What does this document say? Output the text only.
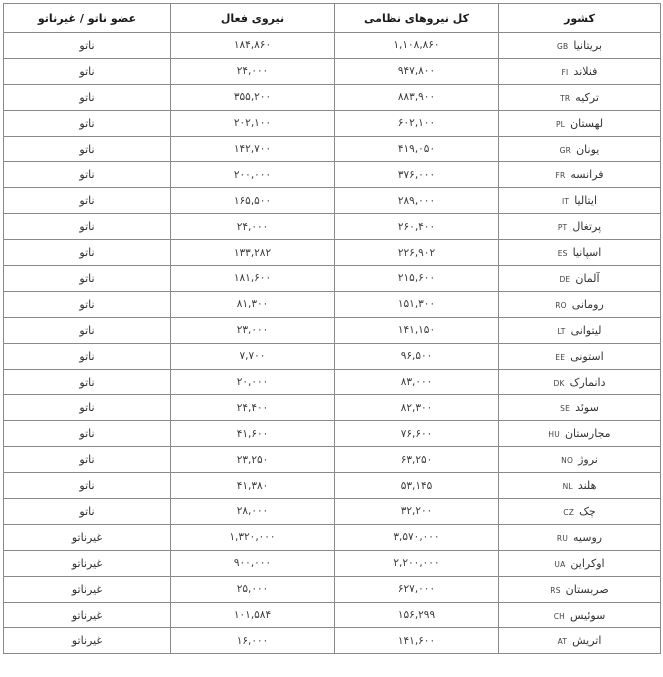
کشور	کل نیروهای نظامی	نیروی فعال	عضو ناتو / غیرناتو
بریتانیاGB	۱,۱۰۸,۸۶۰	۱۸۴,۸۶۰	ناتو
فنلاندFI	۹۴۷,۸۰۰	۲۴,۰۰۰	ناتو
ترکیهTR	۸۸۳,۹۰۰	۳۵۵,۲۰۰	ناتو
لهستانPL	۶۰۲,۱۰۰	۲۰۲,۱۰۰	ناتو
یونانGR	۴۱۹,۰۵۰	۱۴۲,۷۰۰	ناتو
فرانسهFR	۳۷۶,۰۰۰	۲۰۰,۰۰۰	ناتو
ایتالیاIT	۲۸۹,۰۰۰	۱۶۵,۵۰۰	ناتو
پرتغالPT	۲۶۰,۴۰۰	۲۴,۰۰۰	ناتو
اسپانیاES	۲۲۶,۹۰۲	۱۳۳,۲۸۲	ناتو
آلمانDE	۲۱۵,۶۰۰	۱۸۱,۶۰۰	ناتو
رومانیRO	۱۵۱,۳۰۰	۸۱,۳۰۰	ناتو
لیتوانیLT	۱۴۱,۱۵۰	۲۳,۰۰۰	ناتو
استونیEE	۹۶,۵۰۰	۷,۷۰۰	ناتو
دانمارکDK	۸۳,۰۰۰	۲۰,۰۰۰	ناتو
سوئدSE	۸۲,۳۰۰	۲۴,۴۰۰	ناتو
مجارستانHU	۷۶,۶۰۰	۴۱,۶۰۰	ناتو
نروژNO	۶۳,۲۵۰	۲۳,۲۵۰	ناتو
هلندNL	۵۳,۱۴۵	۴۱,۳۸۰	ناتو
چکCZ	۳۲,۲۰۰	۲۸,۰۰۰	ناتو
روسیهRU	۳,۵۷۰,۰۰۰	۱,۳۲۰,۰۰۰	غیرناتو
اوکراینUA	۲,۲۰۰,۰۰۰	۹۰۰,۰۰۰	غیرناتو
صربستانRS	۶۲۷,۰۰۰	۲۵,۰۰۰	غیرناتو
سوئیسCH	۱۵۶,۲۹۹	۱۰۱,۵۸۴	غیرناتو
اتریشAT	۱۴۱,۶۰۰	۱۶,۰۰۰	غیرناتو
